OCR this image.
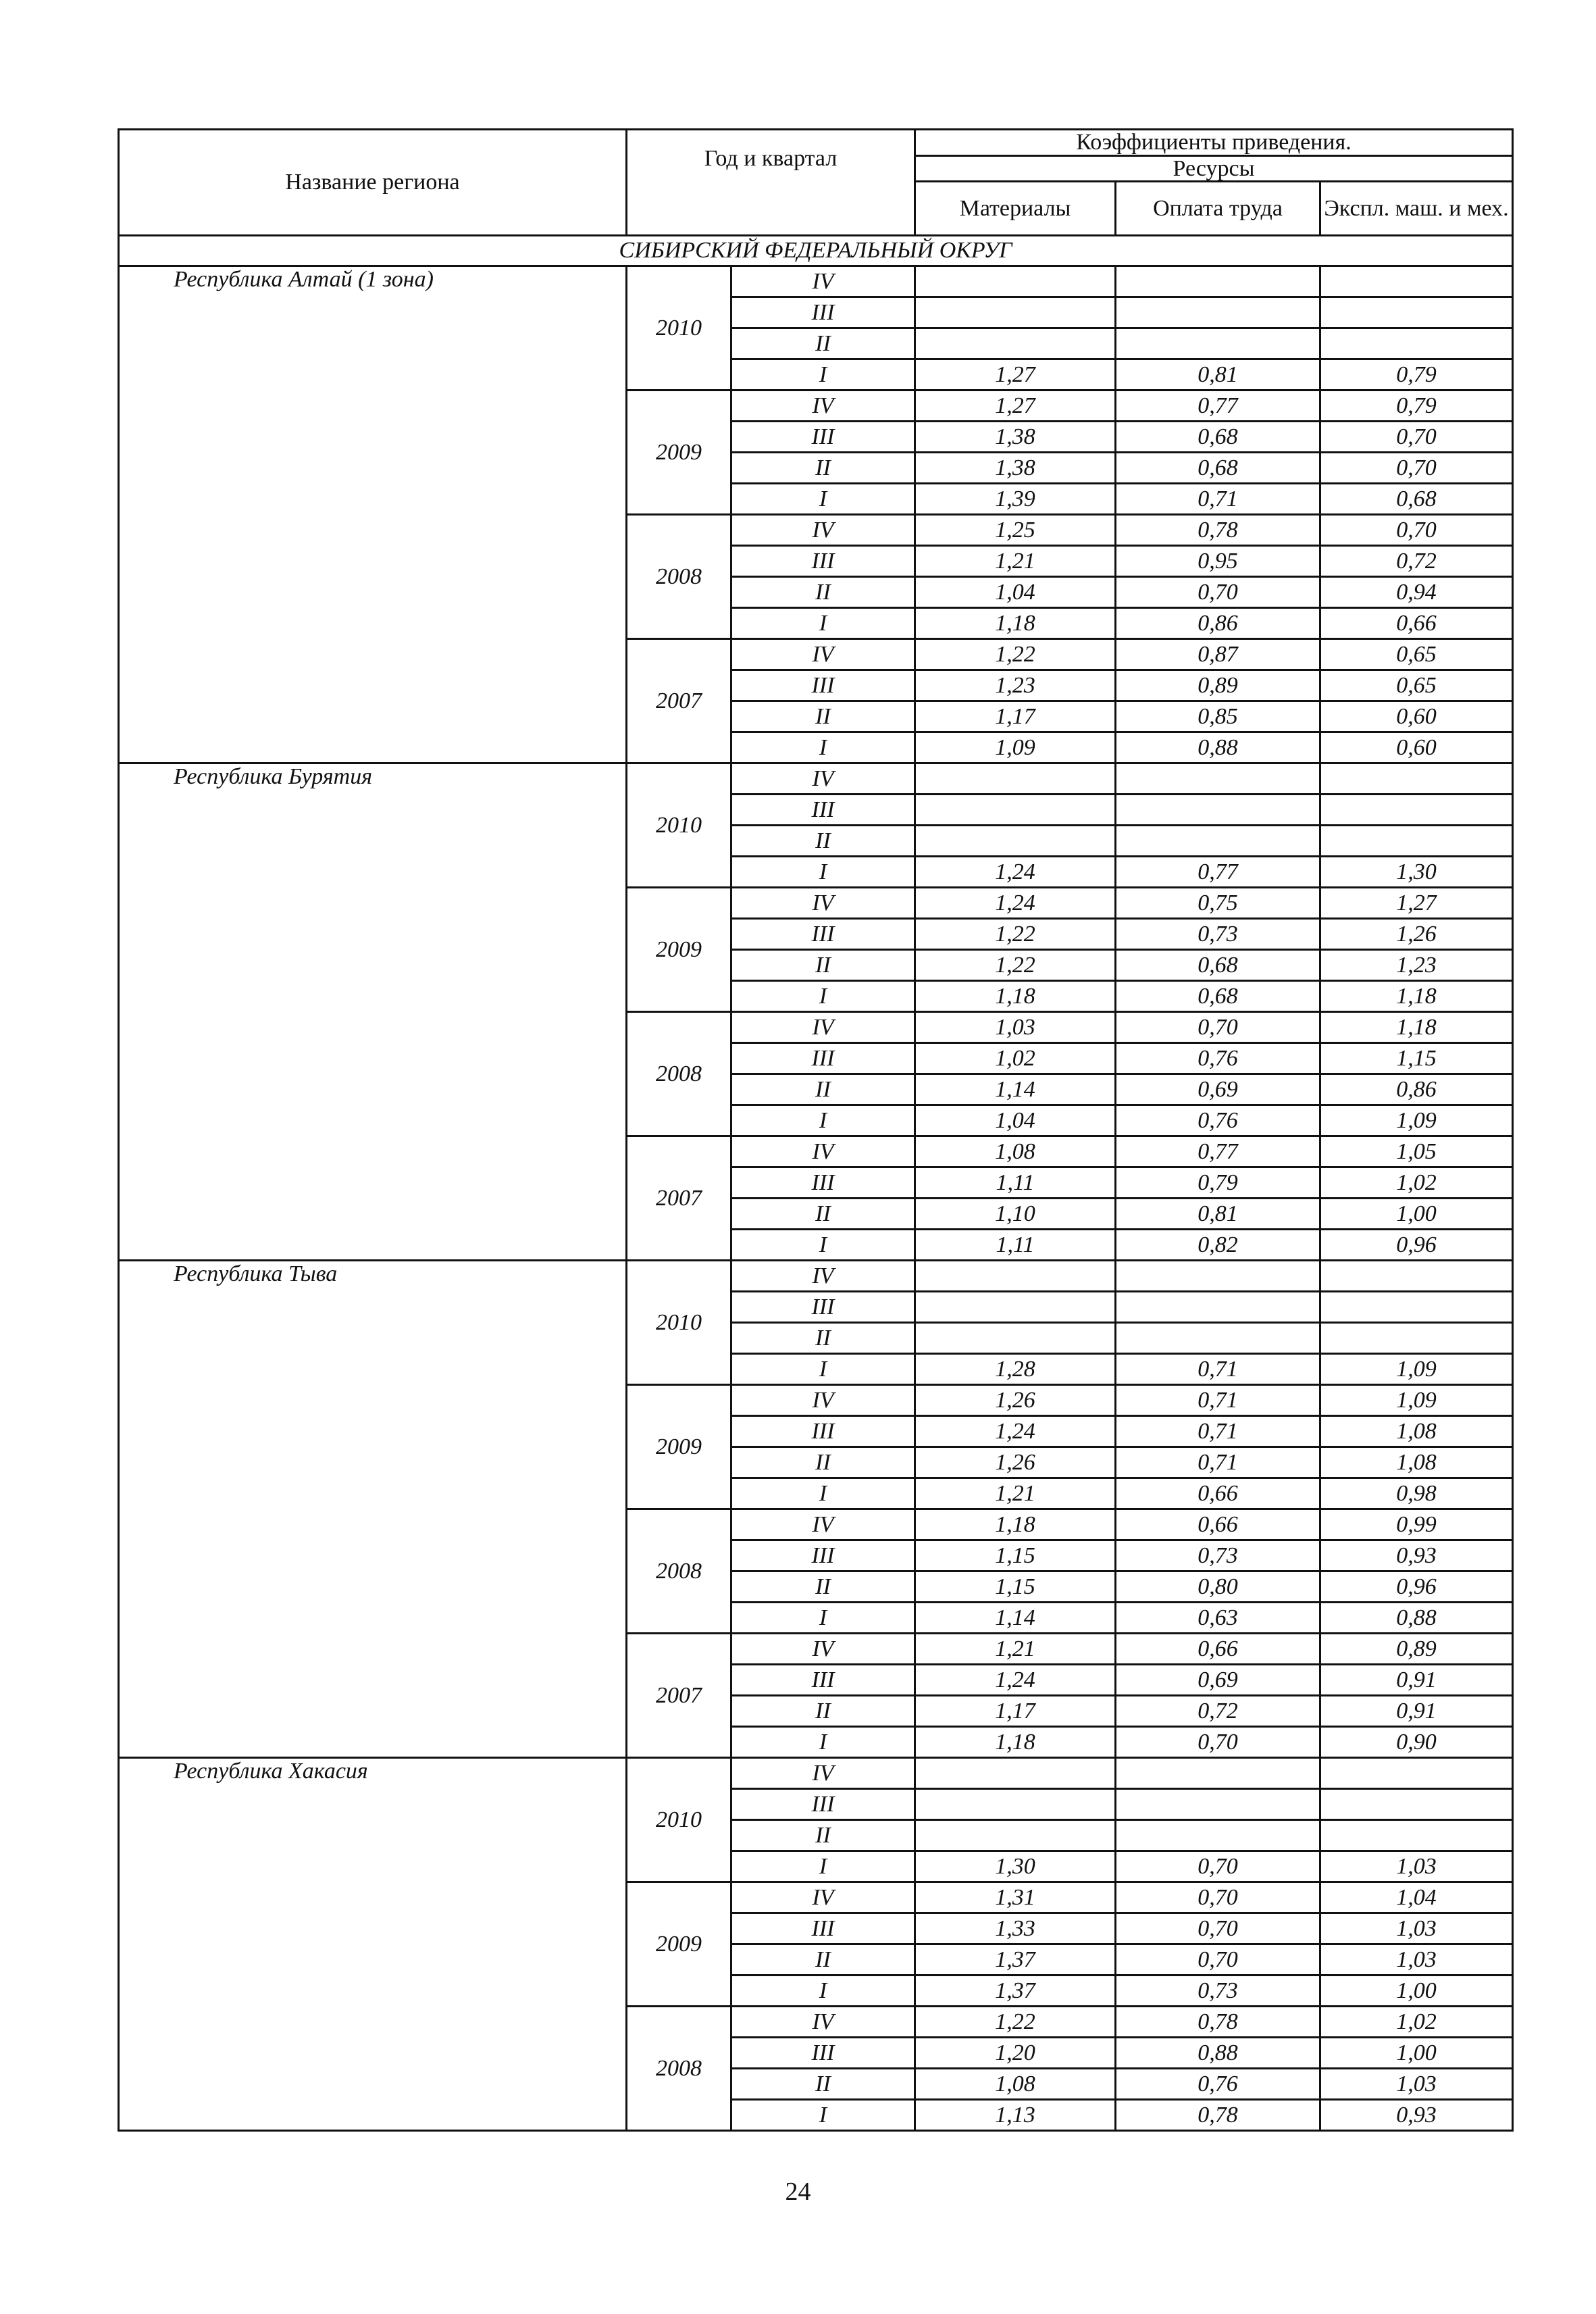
Название региона	Год и квартал		Коэффициенты приведения.		
			Ресурсы		
			Материалы	Оплата труда	Экспл. маш. и мех.
СИБИРСКИЙ ФЕДЕРАЛЬНЫЙ ОКРУГ					

Республика Алтай (1 зона)	2010	IV			
		III			
		II			
		I	1,27	0,81	0,79
	2009	IV	1,27	0,77	0,79
		III	1,38	0,68	0,70
		II	1,38	0,68	0,70
		I	1,39	0,71	0,68
	2008	IV	1,25	0,78	0,70
		III	1,21	0,95	0,72
		II	1,04	0,70	0,94
		I	1,18	0,86	0,66
	2007	IV	1,22	0,87	0,65
		III	1,23	0,89	0,65
		II	1,17	0,85	0,60
		I	1,09	0,88	0,60

Республика Бурятия	2010	IV			
		III			
		II			
		I	1,24	0,77	1,30
	2009	IV	1,24	0,75	1,27
		III	1,22	0,73	1,26
		II	1,22	0,68	1,23
		I	1,18	0,68	1,18
	2008	IV	1,03	0,70	1,18
		III	1,02	0,76	1,15
		II	1,14	0,69	0,86
		I	1,04	0,76	1,09
	2007	IV	1,08	0,77	1,05
		III	1,11	0,79	1,02
		II	1,10	0,81	1,00
		I	1,11	0,82	0,96

Республика Тыва	2010	IV			
		III			
		II			
		I	1,28	0,71	1,09
	2009	IV	1,26	0,71	1,09
		III	1,24	0,71	1,08
		II	1,26	0,71	1,08
		I	1,21	0,66	0,98
	2008	IV	1,18	0,66	0,99
		III	1,15	0,73	0,93
		II	1,15	0,80	0,96
		I	1,14	0,63	0,88
	2007	IV	1,21	0,66	0,89
		III	1,24	0,69	0,91
		II	1,17	0,72	0,91
		I	1,18	0,70	0,90

Республика Хакасия	2010	IV			
		III			
		II			
		I	1,30	0,70	1,03
	2009	IV	1,31	0,70	1,04
		III	1,33	0,70	1,03
		II	1,37	0,70	1,03
		I	1,37	0,73	1,00
	2008	IV	1,22	0,78	1,02
		III	1,20	0,88	1,00
		II	1,08	0,76	1,03
		I	1,13	0,78	0,93
24
